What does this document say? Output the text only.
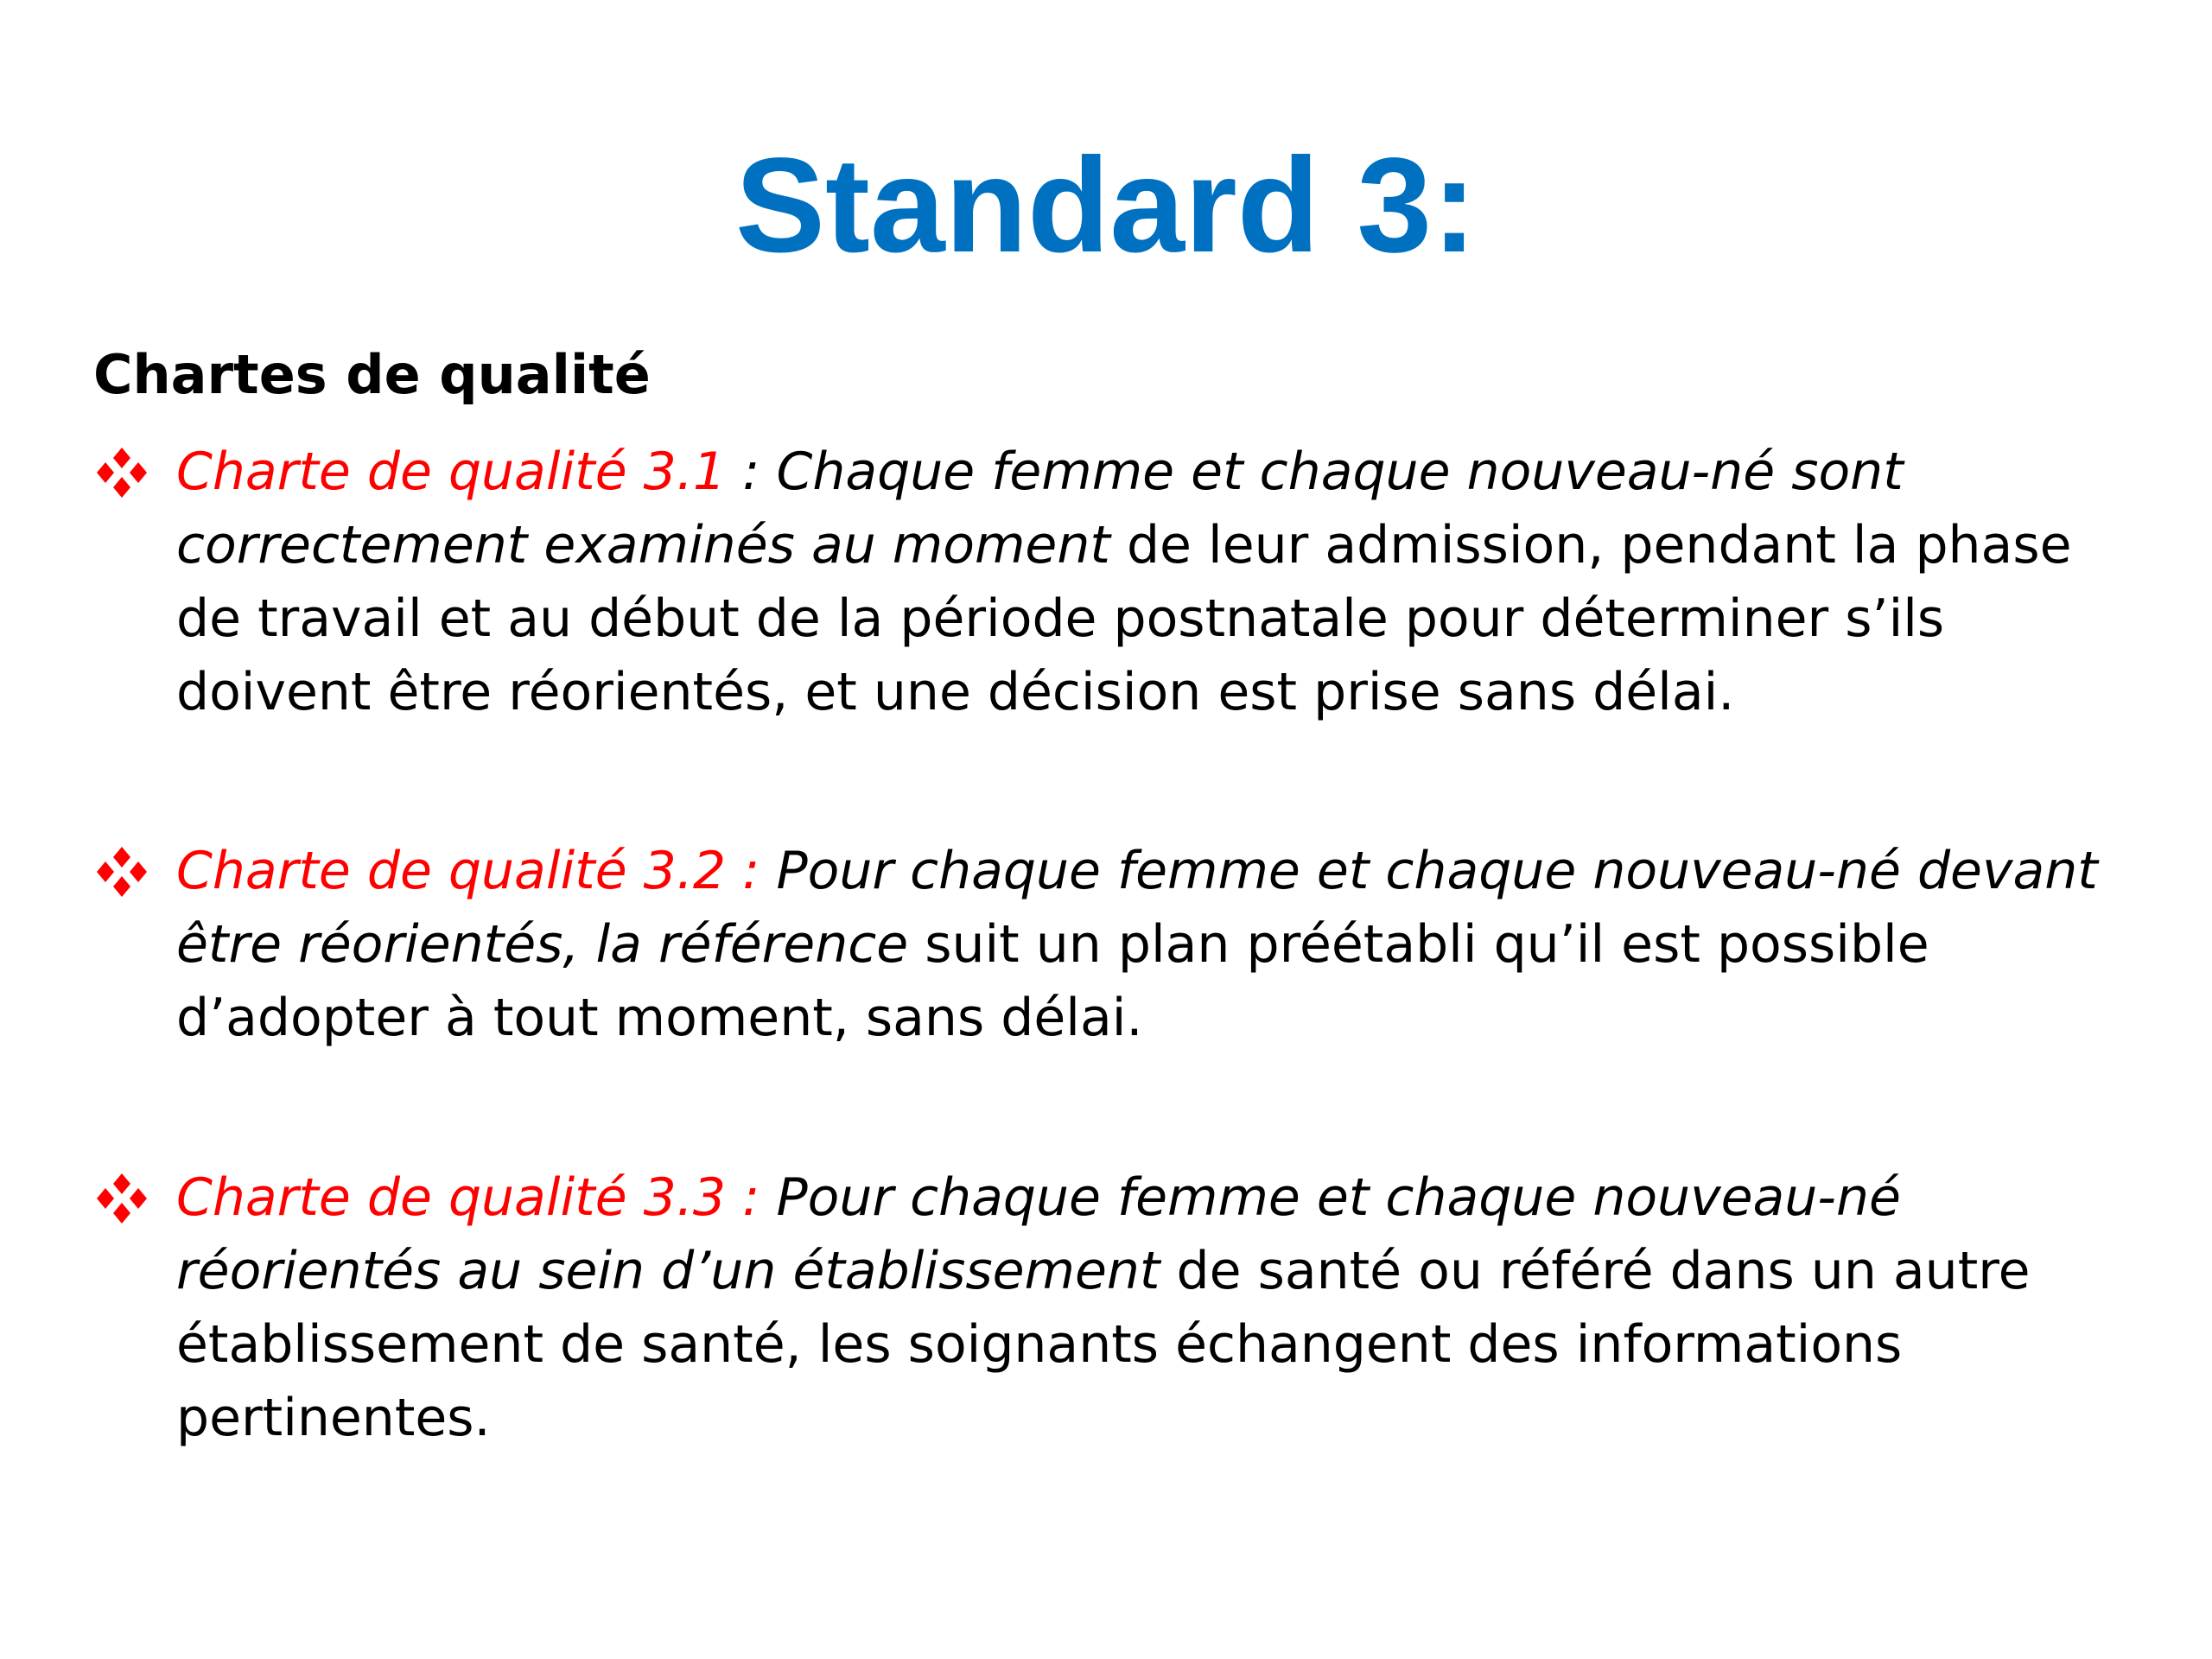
Standard 3:
Chartes de qualité
Charte de qualité 3.1 : Chaque femme et chaque nouveau-né sont correctement examinés au moment de leur admission, pendant la phase de travail et au début de la période postnatale pour déterminer s’ils doivent être réorientés, et une décision est prise sans délai.
Charte de qualité 3.2 : Pour chaque femme et chaque nouveau-né devant être réorientés, la référence suit un plan préétabli qu’il est possible d’adopter à tout moment, sans délai.
Charte de qualité 3.3 : Pour chaque femme et chaque nouveau-né réorientés au sein d’un établissement de santé ou référé dans un autre établissement de santé, les soignants échangent des informations pertinentes.
